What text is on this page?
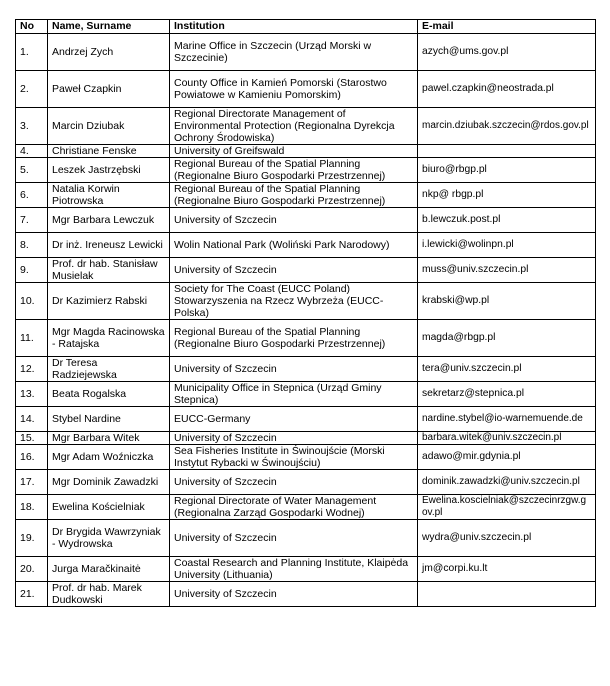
No	Name, Surname	Institution	E-mail
1.	Andrzej Zych	Marine Office in Szczecin (Urząd Morski w Szczecinie)	azych@ums.gov.pl
2.	Paweł Czapkin	County Office in Kamień Pomorski (Starostwo Powiatowe w Kamieniu Pomorskim)	pawel.czapkin@neostrada.pl
3.	Marcin Dziubak	Regional Directorate Management of Environmental Protection (Regionalna Dyrekcja Ochrony Środowiska)	marcin.dziubak.szczecin@rdos.gov.pl
4.	Christiane Fenske	University of Greifswald	
5.	Leszek Jastrzębski	Regional Bureau of the Spatial Planning (Regionalne Biuro Gospodarki Przestrzennej)	biuro@rbgp.pl
6.	Natalia Korwin Piotrowska	Regional Bureau of the Spatial Planning (Regionalne Biuro Gospodarki Przestrzennej)	nkp@ rbgp.pl
7.	Mgr Barbara Lewczuk	University of Szczecin	b.lewczuk.post.pl
8.	Dr inż. Ireneusz Lewicki	Wolin National Park (Woliński Park Narodowy)	i.lewicki@wolinpn.pl
9.	Prof. dr hab. Stanisław Musielak	University of Szczecin	muss@univ.szczecin.pl
10.	Dr Kazimierz Rabski	Society for The Coast (EUCC Poland) Stowarzyszenia na Rzecz Wybrzeża (EUCC-Polska)	krabski@wp.pl
11.	Mgr Magda Racinowska - Ratajska	Regional Bureau of the Spatial Planning (Regionalne Biuro Gospodarki Przestrzennej)	magda@rbgp.pl
12.	Dr Teresa Radziejewska	University of Szczecin	tera@univ.szczecin.pl
13.	Beata Rogalska	Municipality Office in Stepnica (Urząd Gminy Stepnica)	sekretarz@stepnica.pl
14.	Stybel Nardine	EUCC-Germany	nardine.stybel@io-warnemuende.de
15.	Mgr Barbara Witek	University of Szczecin	barbara.witek@univ.szczecin.pl
16.	Mgr Adam Woźniczka	Sea Fisheries Institute in Świnoujście (Morski Instytut Rybacki w Świnoujściu)	adawo@mir.gdynia.pl
17.	Mgr Dominik Zawadzki	University of Szczecin	dominik.zawadzki@univ.szczecin.pl
18.	Ewelina Kościelniak	Regional Directorate of Water Management (Regionalna Zarząd Gospodarki Wodnej)	Ewelina.koscielniak@szczecinrzgw.gov.pl
19.	Dr Brygida Wawrzyniak - Wydrowska	University of Szczecin	wydra@univ.szczecin.pl
20.	Jurga Maračkinaitė	Coastal Research and Planning Institute, Klaipėda University (Lithuania)	jm@corpi.ku.lt
21.	Prof. dr hab. Marek Dudkowski	University of Szczecin	
